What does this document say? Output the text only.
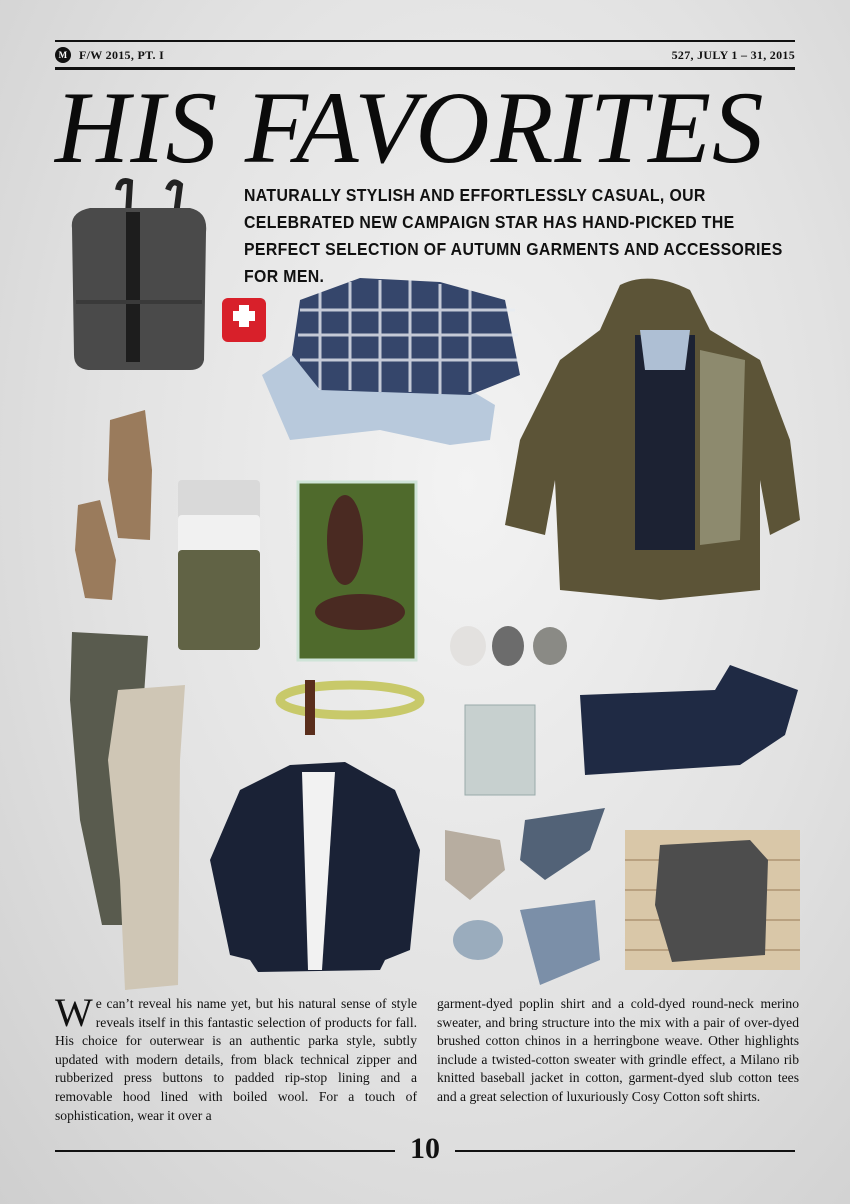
M F/W 2015, PT. I	527, JULY 1 – 31, 2015
HIS FAVORITES
NATURALLY STYLISH AND EFFORTLESSLY CASUAL, OUR CELEBRATED NEW CAMPAIGN STAR HAS HAND-PICKED THE PERFECT SELECTION OF AUTUMN GARMENTS AND ACCESSORIES FOR MEN.
We can’t reveal his name yet, but his natural sense of style reveals itself in this fantastic selection of products for fall. His choice for outerwear is an authentic parka style, subtly updated with modern details, from black technical zipper and rubberized press buttons to padded rip-stop lining and a removable hood lined with boiled wool. For a touch of sophistication, wear it over a
garment-dyed poplin shirt and a cold-dyed round-neck merino sweater, and bring structure into the mix with a pair of over-dyed brushed cotton chinos in a herringbone weave. Other highlights include a twisted-cotton sweater with grindle effect, a Milano rib knitted baseball jacket in cotton, garment-dyed slub cotton tees and a great selection of luxuriously Cosy Cotton soft shirts.
10
